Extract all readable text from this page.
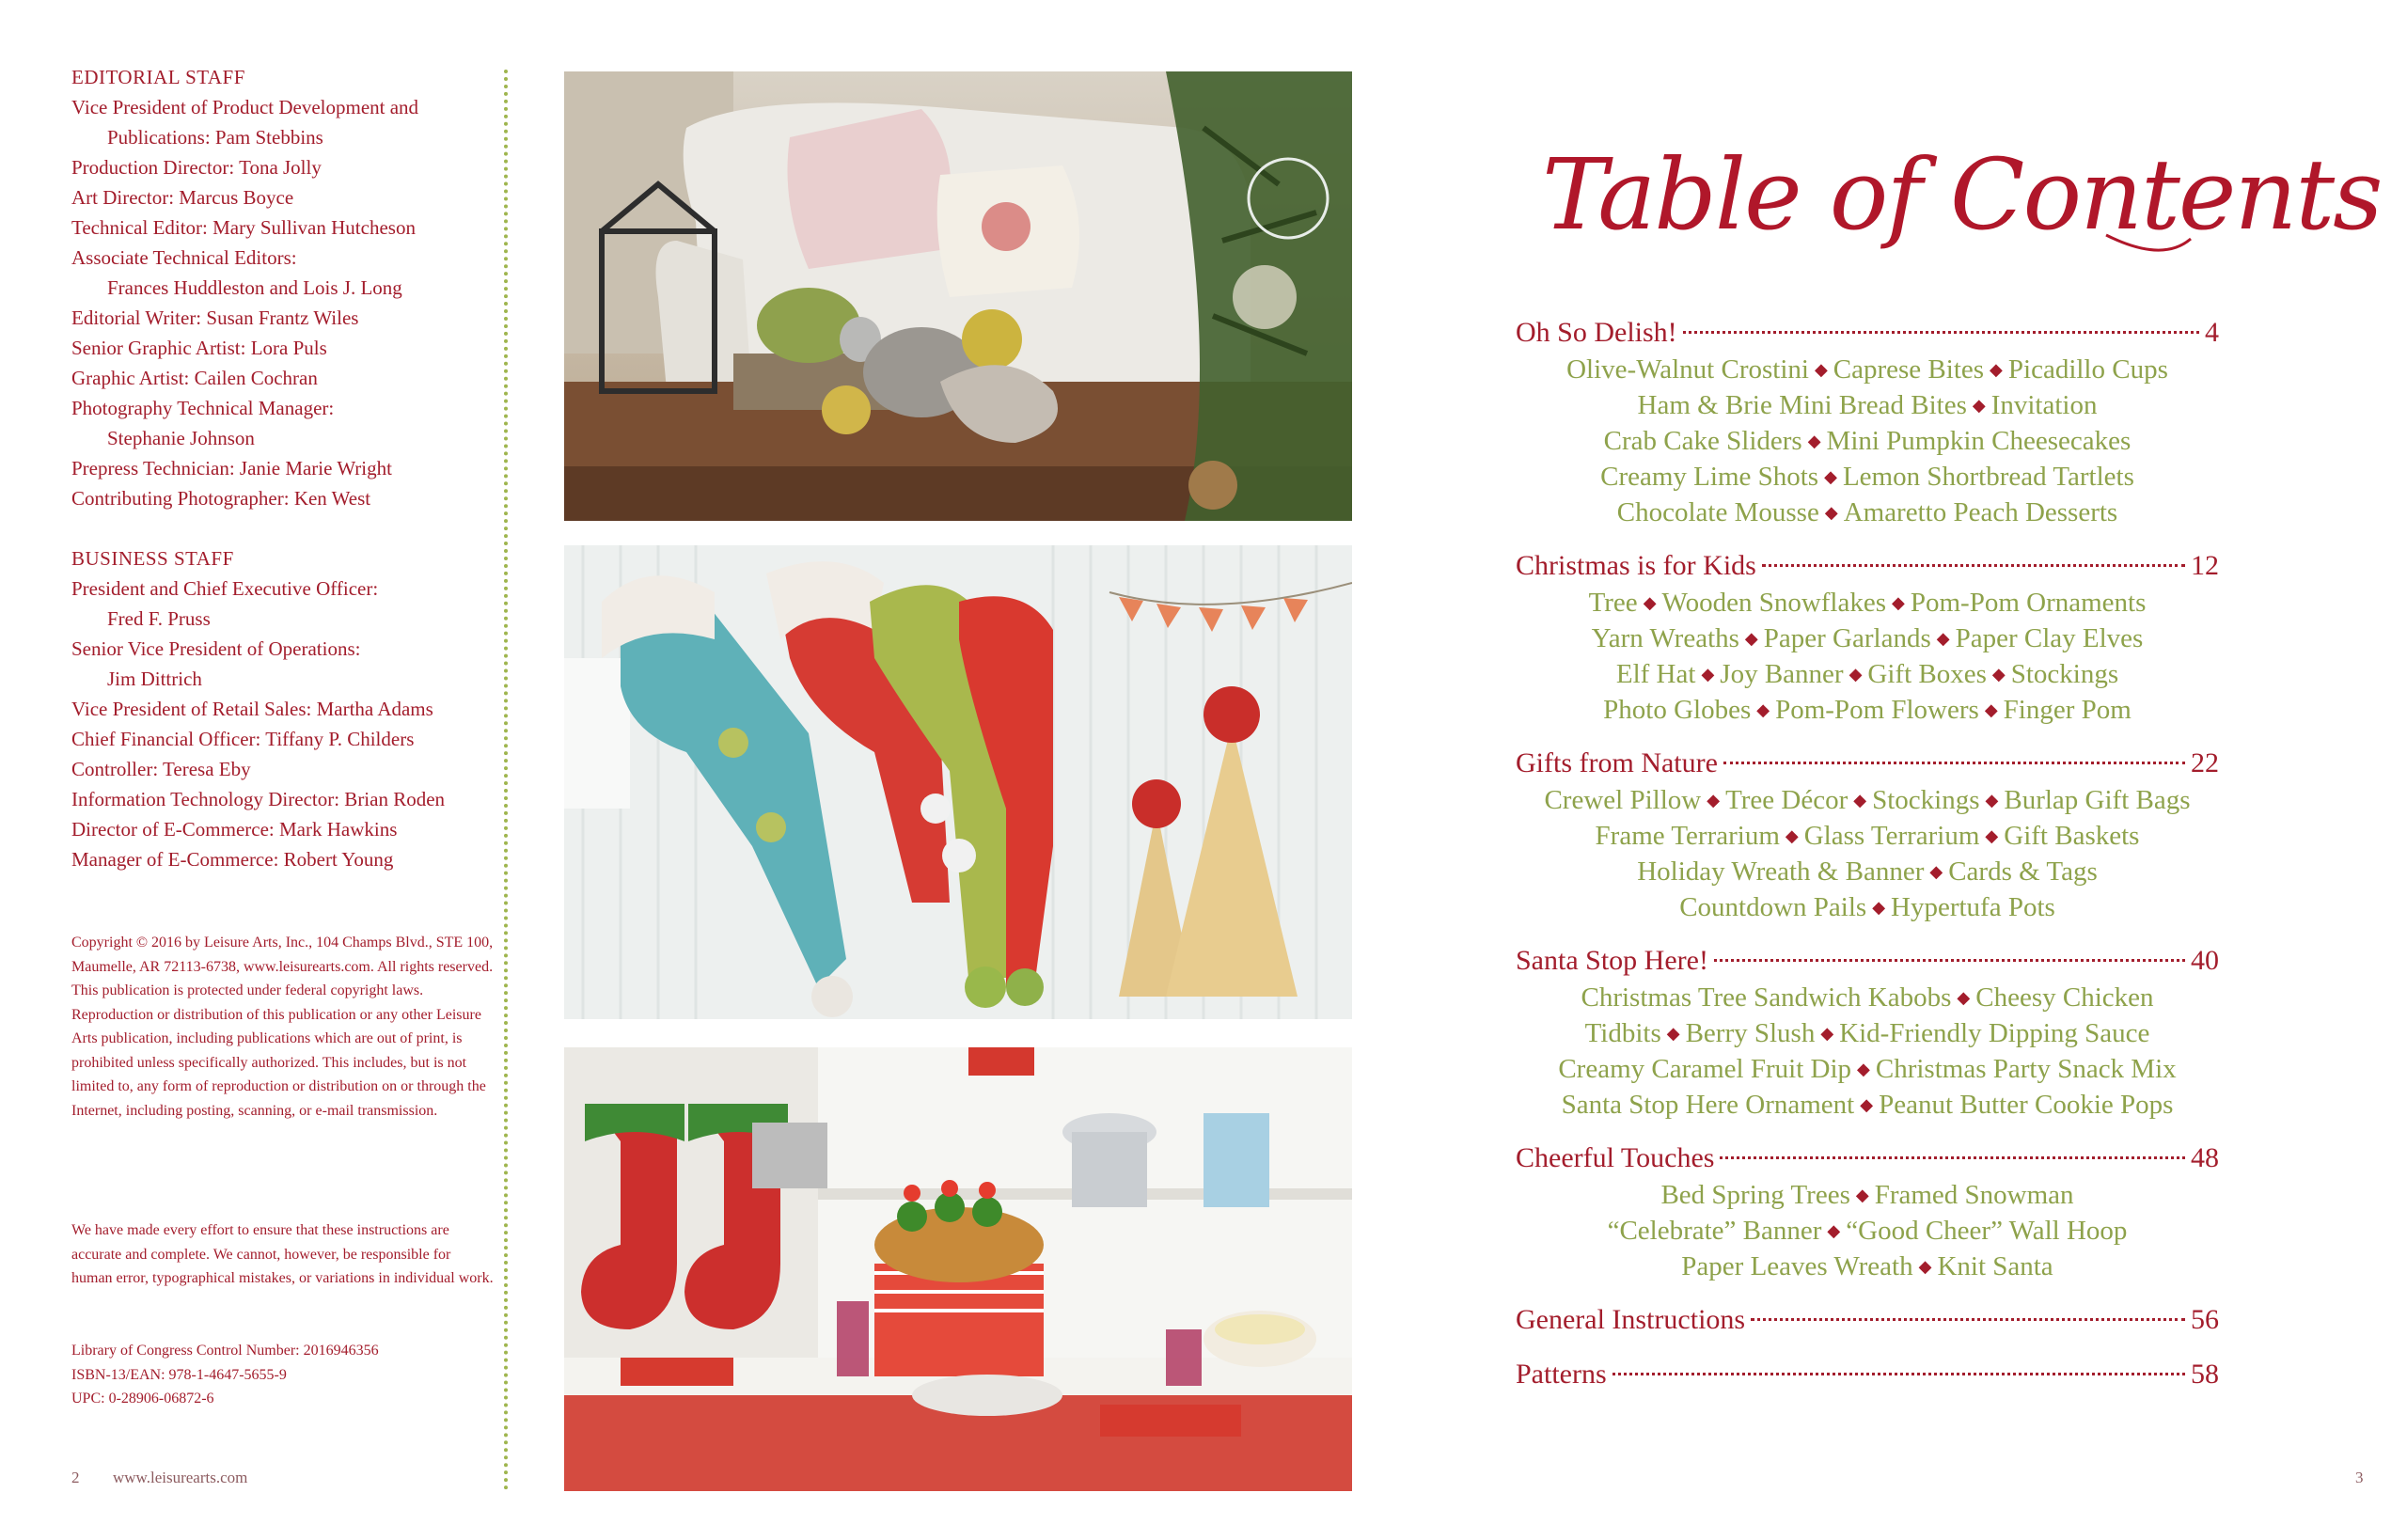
EDITORIAL STAFF
Vice President of Product Development and
Publications: Pam Stebbins
Production Director: Tona Jolly
Art Director: Marcus Boyce
Technical Editor: Mary Sullivan Hutcheson
Associate Technical Editors:
Frances Huddleston and Lois J. Long
Editorial Writer: Susan Frantz Wiles
Senior Graphic Artist: Lora Puls
Graphic Artist: Cailen Cochran
Photography Technical Manager:
Stephanie Johnson
Prepress Technician: Janie Marie Wright
Contributing Photographer: Ken West
BUSINESS STAFF
President and Chief Executive Officer:
Fred F. Pruss
Senior Vice President of Operations:
Jim Dittrich
Vice President of Retail Sales: Martha Adams
Chief Financial Officer: Tiffany P. Childers
Controller: Teresa Eby
Information Technology Director: Brian Roden
Director of E-Commerce: Mark Hawkins
Manager of E-Commerce: Robert Young

Copyright © 2016 by Leisure Arts, Inc., 104 Champs Blvd., STE 100, Maumelle, AR 72113-6738, www.leisurearts.com. All rights reserved. This publication is protected under federal copyright laws. Reproduction or distribution of this publication or any other Leisure Arts publication, including publications which are out of print, is prohibited unless specifically authorized. This includes, but is not limited to, any form of reproduction or distribution on or through the Internet, including posting, scanning, or e-mail transmission.

We have made every effort to ensure that these instructions are accurate and complete. We cannot, however, be responsible for human error, typographical mistakes, or variations in individual work.

Library of Congress Control Number: 2016946356

ISBN-13/EAN: 978-1-4647-5655-9

UPC: 0-28906-06872-6

2 www.leisurearts.com	3
Table of Contents
Oh So Delish!	4
Olive-Walnut Crostini ◆ Caprese Bites ◆ Picadillo Cups
Ham & Brie Mini Bread Bites ◆ Invitation
Crab Cake Sliders ◆ Mini Pumpkin Cheesecakes
Creamy Lime Shots ◆ Lemon Shortbread Tartlets
Chocolate Mousse ◆ Amaretto Peach Desserts
Christmas is for Kids	12
Tree ◆ Wooden Snowflakes ◆ Pom-Pom Ornaments
Yarn Wreaths ◆ Paper Garlands ◆ Paper Clay Elves
Elf Hat ◆ Joy Banner ◆ Gift Boxes ◆ Stockings
Photo Globes ◆ Pom-Pom Flowers ◆ Finger Pom
Gifts from Nature	22
Crewel Pillow ◆ Tree Décor ◆ Stockings ◆ Burlap Gift Bags
Frame Terrarium ◆ Glass Terrarium ◆ Gift Baskets
Holiday Wreath & Banner ◆ Cards & Tags
Countdown Pails ◆ Hypertufa Pots
Santa Stop Here!	40
Christmas Tree Sandwich Kabobs ◆ Cheesy Chicken
Tidbits ◆ Berry Slush ◆ Kid-Friendly Dipping Sauce
Creamy Caramel Fruit Dip ◆ Christmas Party Snack Mix
Santa Stop Here Ornament ◆ Peanut Butter Cookie Pops
Cheerful Touches	48
Bed Spring Trees ◆ Framed Snowman
“Celebrate” Banner ◆ “Good Cheer” Wall Hoop
Paper Leaves Wreath ◆ Knit Santa
General Instructions	56
Patterns	58
